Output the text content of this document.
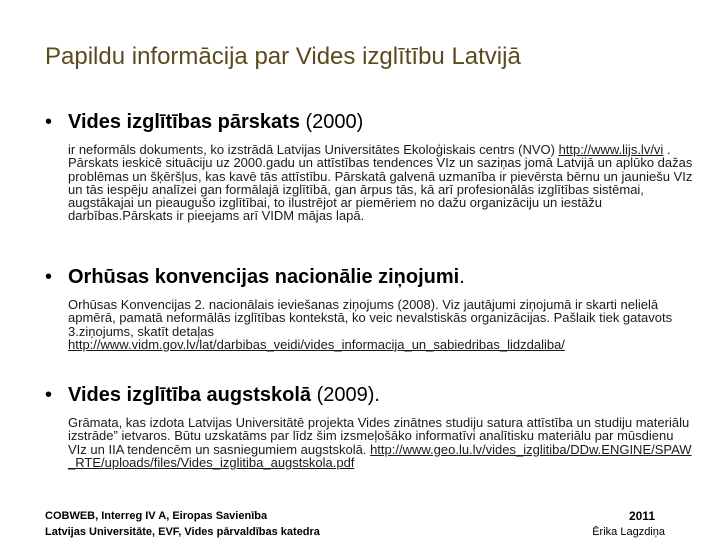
Papildu informācija par Vides izglītību Latvijā
•
Vides izglītības pārskats (2000)
ir neformāls dokuments, ko izstrādā Latvijas Universitātes Ekoloģiskais centrs (NVO) http://www.lijs.lv/vi . Pārskats ieskicē situāciju uz 2000.gadu un attīstības tendences VIz un saziņas jomā Latvijā un aplūko dažas problēmas un šķēršļus, kas kavē tās attīstību. Pārskatā galvenā uzmanība ir pievērsta bērnu un jauniešu VIz un tās iespēju analīzei gan formālajā izglītībā, gan ārpus tās, kā arī profesionālās izglītības sistēmai, augstākajai un pieaugušo izglītībai, to ilustrējot ar piemēriem no dažu organizāciju un iestāžu darbības.Pārskats ir pieejams arī VIDM mājas lapā.
•
Orhūsas konvencijas nacionālie ziņojumi.
Orhūsas Konvencijas 2. nacionālais ieviešanas ziņojums (2008). Viz jautājumi ziņojumā ir skarti nelielā apmērā, pamatā neformālās izglītības kontekstā, ko veic nevalstiskās organizācijas. Pašlaik tiek gatavots 3.ziņojums, skatīt detaļas http://www.vidm.gov.lv/lat/darbibas_veidi/vides_informacija_un_sabiedribas_lidzdaliba/
•
Vides izglītība augstskolā (2009).
Grāmata, kas izdota Latvijas Universitātē projekta Vides zinātnes studiju satura attīstība un studiju materiālu izstrāde” ietvaros. Būtu uzskatāms par līdz šim izsmeļošāko informatīvi analītisku materiālu par mūsdienu VIz un IIA tendencēm un sasniegumiem augstskolā. http://www.geo.lu.lv/vides_izglitiba/DDw.ENGINE/SPAW_RTE/uploads/files/Vides_izglitiba_augstskola.pdf
COBWEB, Interreg IV A, Eiropas Savienība
Latvijas Universitāte, EVF, Vides pārvaldības katedra
2011
Ērika Lagzdiņa
